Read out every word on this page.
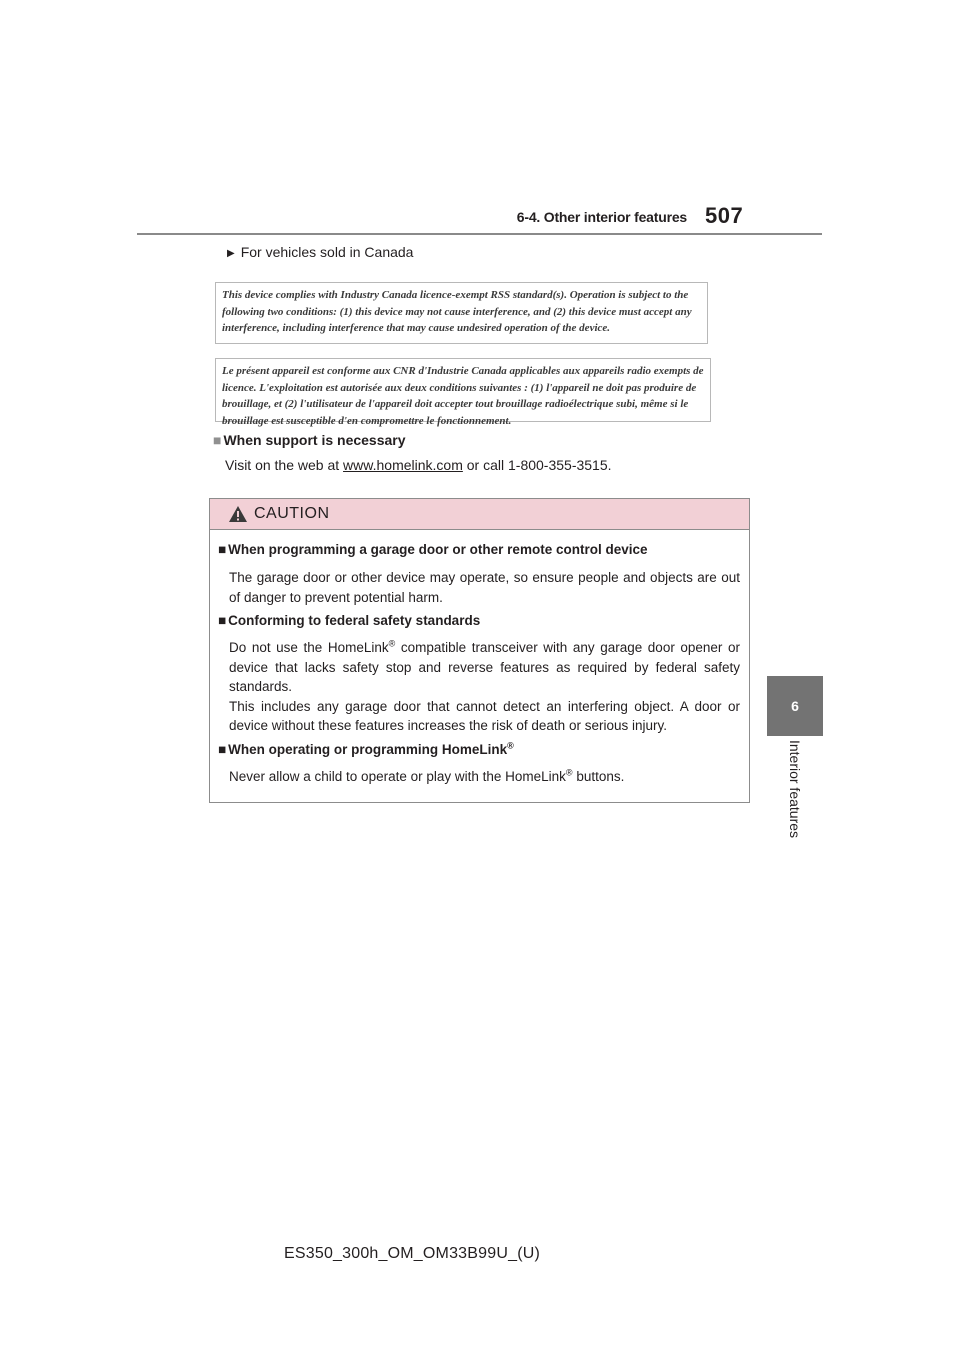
6-4. Other interior features 507
6
Interior features
▶ For vehicles sold in Canada
This device complies with Industry Canada licence-exempt RSS standard(s). Operation is subject to the following two conditions: (1) this device may not cause interference, and (2) this device must accept any interference, including interference that may cause undesired operation of the device.
Le présent appareil est conforme aux CNR d'Industrie Canada applicables aux appareils radio exempts de licence. L'exploitation est autorisée aux deux conditions suivantes : (1) l'appareil ne doit pas produire de brouillage, et (2) l'utilisateur de l'appareil doit accepter tout brouillage radioélectrique subi, même si le brouillage est susceptible d'en compromettre le fonctionnement.
■ When support is necessary
Visit on the web at www.homelink.com or call 1-800-355-3515.
CAUTION
■ When programming a garage door or other remote control device
The garage door or other device may operate, so ensure people and objects are out of danger to prevent potential harm.
■ Conforming to federal safety standards
Do not use the HomeLink® compatible transceiver with any garage door opener or device that lacks safety stop and reverse features as required by federal safety standards.
This includes any garage door that cannot detect an interfering object. A door or device without these features increases the risk of death or serious injury.
■ When operating or programming HomeLink®
Never allow a child to operate or play with the HomeLink® buttons.
ES350_300h_OM_OM33B99U_(U)
